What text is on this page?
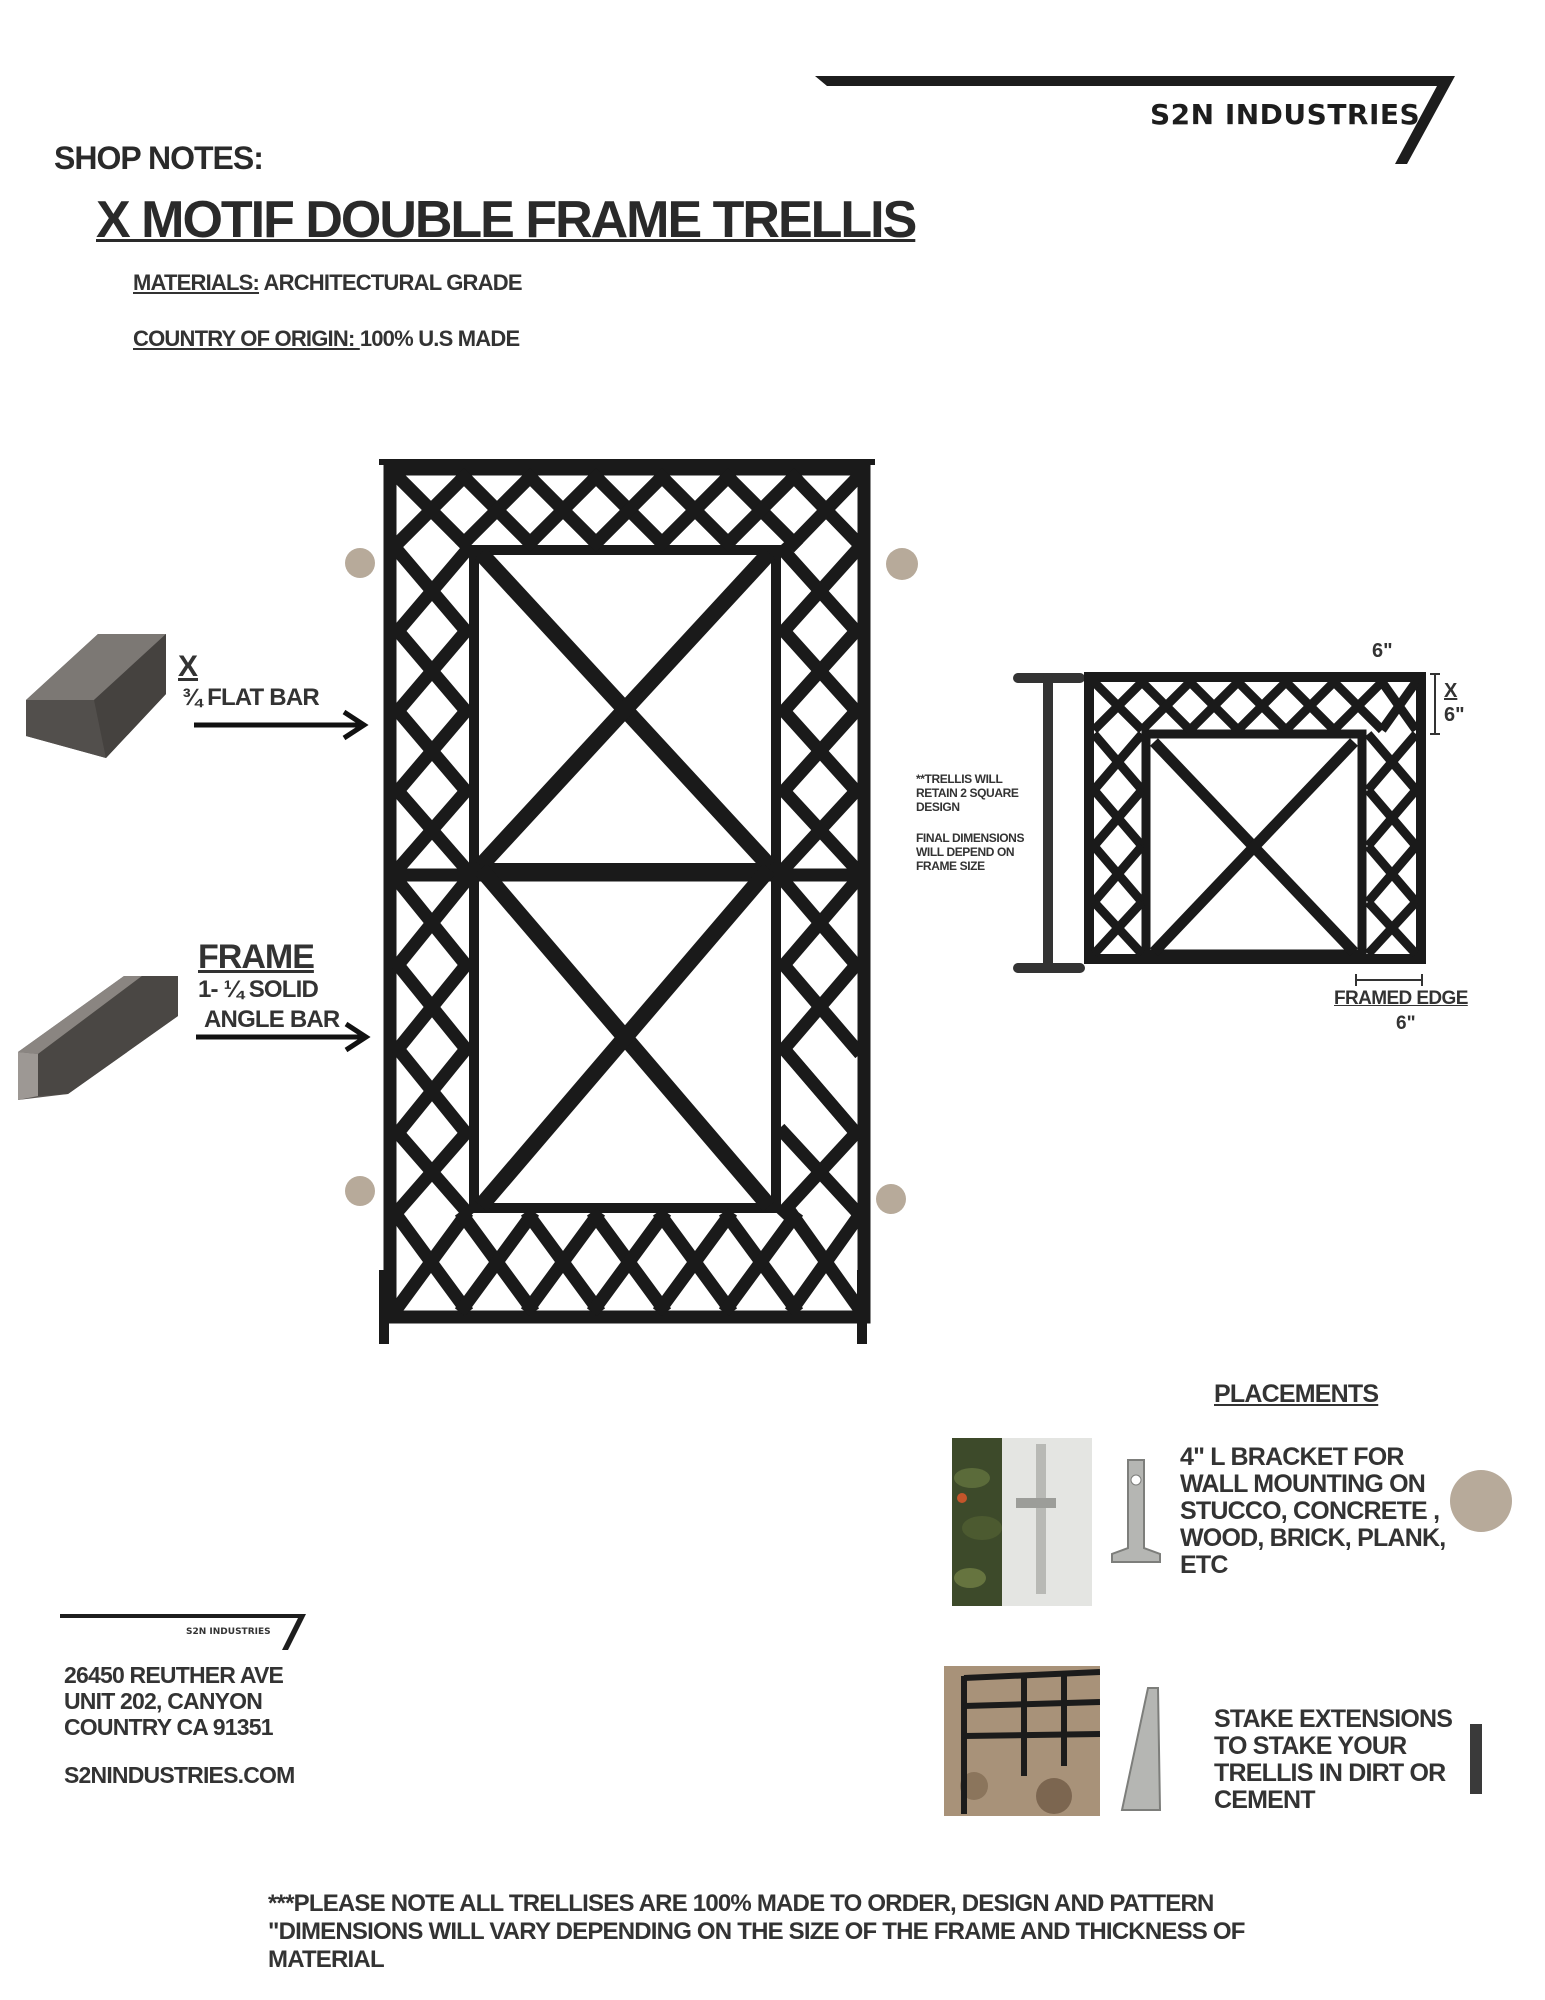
S2N INDUSTRIES
SHOP NOTES:
X MOTIF DOUBLE FRAME TRELLIS
MATERIALS: ARCHITECTURAL GRADE
COUNTRY OF ORIGIN: 100% U.S MADE
X
¾ FLAT BAR
FRAME
1- ¼ SOLID
ANGLE BAR
**TRELLIS WILL RETAIN 2 SQUARE DESIGN
FINAL DIMENSIONS WILL DEPEND ON FRAME SIZE
6"
X
6"
FRAMED EDGE
6"
PLACEMENTS
4" L BRACKET FOR WALL MOUNTING ON STUCCO, CONCRETE , WOOD, BRICK, PLANK, ETC
STAKE EXTENSIONS TO STAKE YOUR TRELLIS IN DIRT OR CEMENT
S2N INDUSTRIES
26450 REUTHER AVE UNIT 202, CANYON COUNTRY CA 91351
S2NINDUSTRIES.COM
***PLEASE NOTE ALL TRELLISES ARE 100% MADE TO ORDER, DESIGN AND PATTERN
"DIMENSIONS WILL VARY DEPENDING ON THE SIZE OF THE FRAME AND THICKNESS OF MATERIAL
